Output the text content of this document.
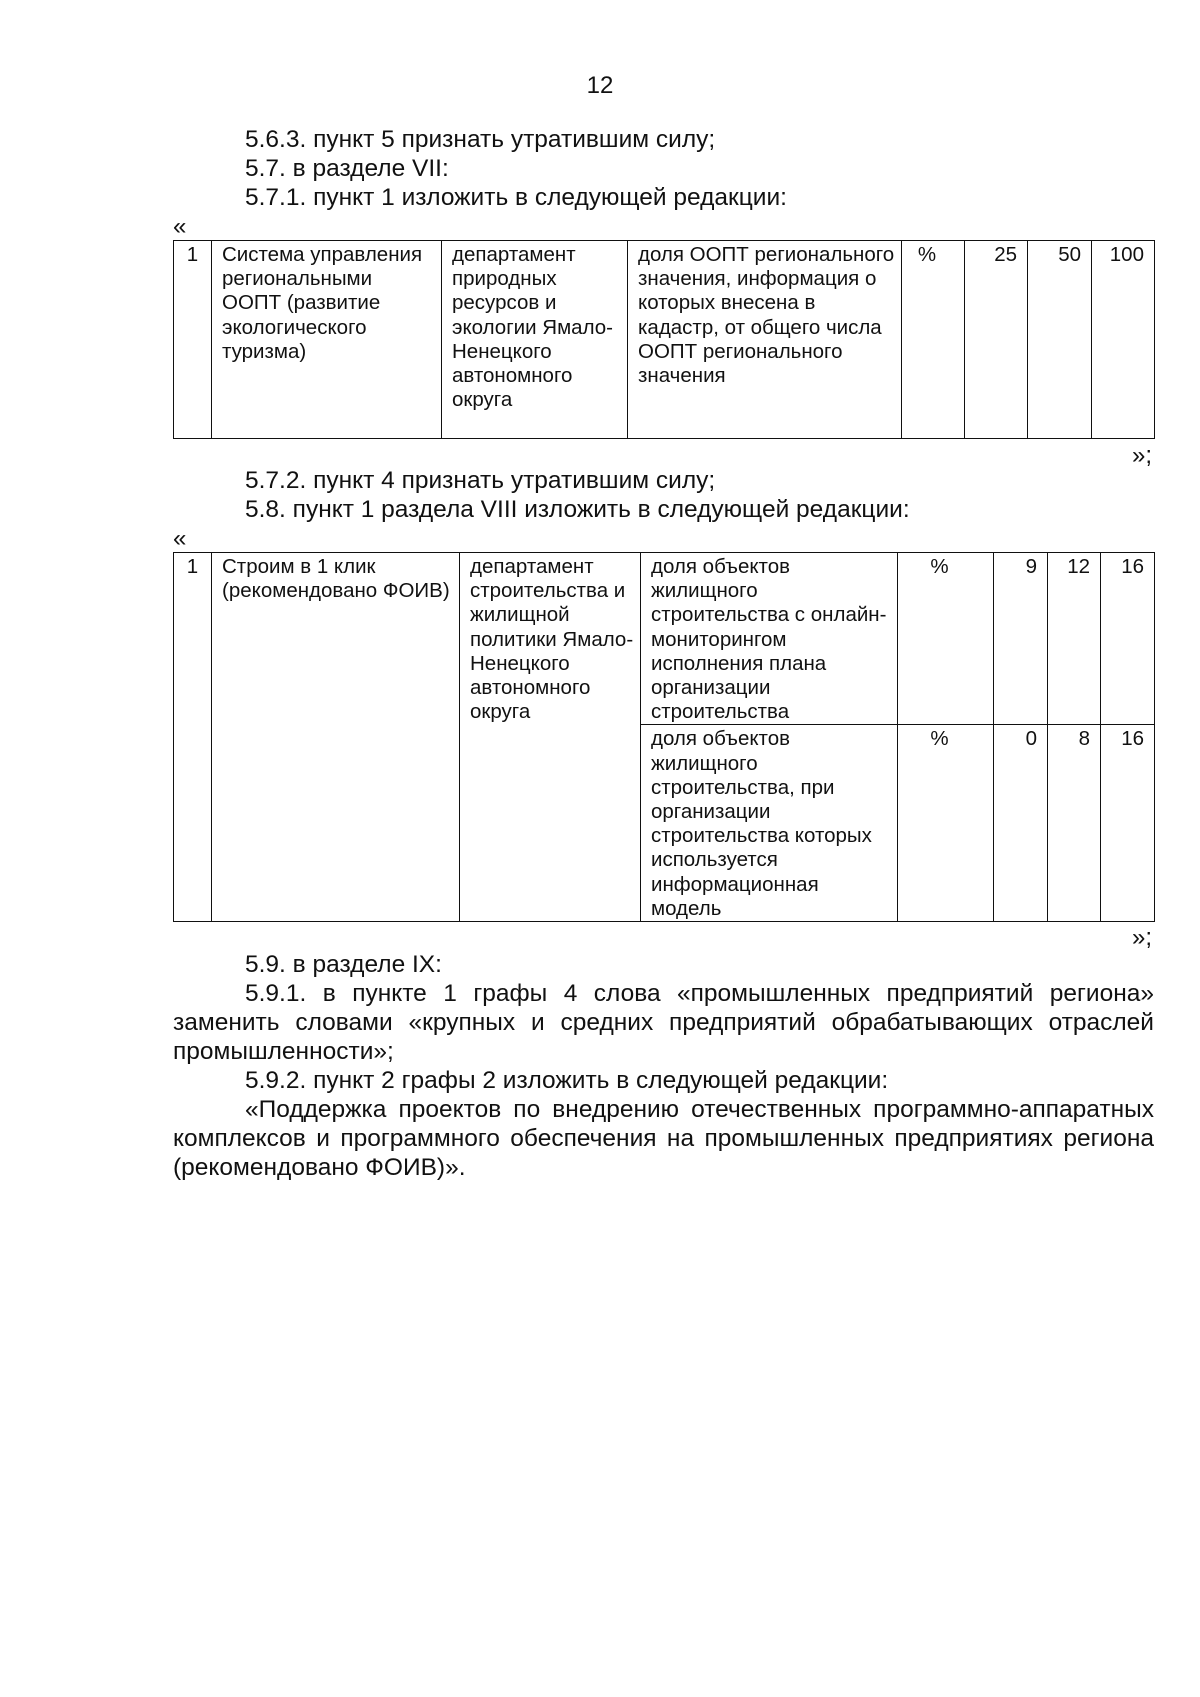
12
5.6.3. пункт 5 признать утратившим силу;
5.7. в разделе VII:
5.7.1. пункт 1 изложить в следующей редакции:
«
1	Система управления региональными ООПТ (развитие экологического туризма)	департамент природных ресурсов и экологии Ямало-Ненецкого автономного округа	доля ООПТ регионального значения, информация о которых внесена в кадастр, от общего числа ООПТ регионального значения	%	25	50	100
»;
5.7.2. пункт 4 признать утратившим силу;
5.8. пункт 1 раздела VIII изложить в следующей редакции:
«
1	Строим в 1 клик (рекомендовано ФОИВ)	департамент строительства и жилищной политики Ямало-Ненецкого автономного округа	доля объектов жилищного строительства с онлайн-мониторингом исполнения плана организации строительства	%	9	12	16
			доля объектов жилищного строительства, при организации строительства которых используется информационная модель	%	0	8	16
»;
5.9. в разделе IX:
5.9.1. в пункте 1 графы 4 слова «промышленных предприятий региона» заменить словами «крупных и средних предприятий обрабатывающих отраслей промышленности»;
5.9.2. пункт 2 графы 2 изложить в следующей редакции:
«Поддержка проектов по внедрению отечественных программно-аппаратных комплексов и программного обеспечения на промышленных предприятиях региона (рекомендовано ФОИВ)».
